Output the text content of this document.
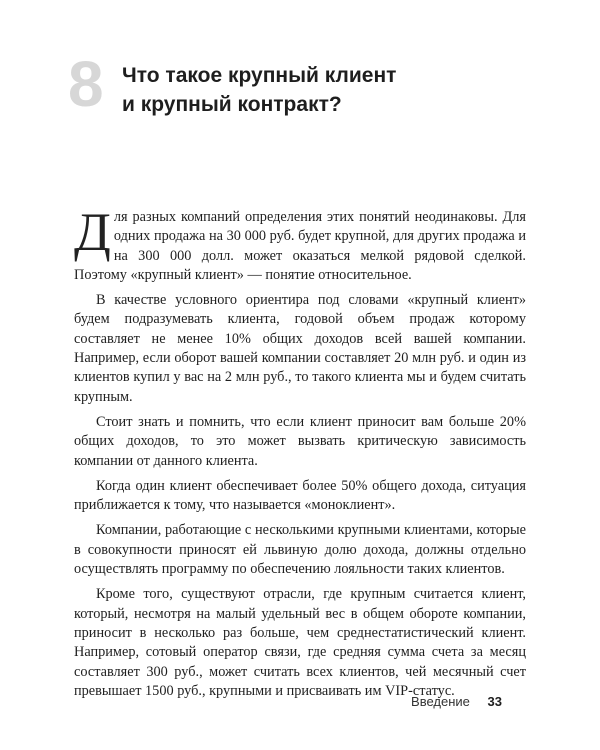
8 Что такое крупный клиент
и крупный контракт?

Для разных компаний определения этих понятий неодинаковы. Для одних продажа на 30 000 руб. будет крупной, для других продажа и на 300 000 долл. может оказаться мелкой рядовой сделкой. Поэтому «крупный клиент» — понятие относительное.

В качестве условного ориентира под словами «крупный клиент» будем подразумевать клиента, годовой объем продаж которому составляет не менее 10% общих доходов всей вашей компании. Например, если оборот вашей компании составляет 20 млн руб. и один из клиентов купил у вас на 2 млн руб., то такого клиента мы и будем считать крупным.

Стоит знать и помнить, что если клиент приносит вам больше 20% общих доходов, то это может вызвать критическую зависимость компании от данного клиента.

Когда один клиент обеспечивает более 50% общего дохода, ситуация приближается к тому, что называется «моноклиент».

Компании, работающие с несколькими крупными клиентами, которые в совокупности приносят ей львиную долю дохода, должны отдельно осуществлять программу по обеспечению лояльности таких клиентов.

Кроме того, существуют отрасли, где крупным считается клиент, который, несмотря на малый удельный вес в общем обороте компании, приносит в несколько раз больше, чем среднестатистический клиент. Например, сотовый оператор связи, где средняя сумма счета за месяц составляет 300 руб., может считать всех клиентов, чей месячный счет превышает 1500 руб., крупными и присваивать им VIP-статус.

Введение 33
